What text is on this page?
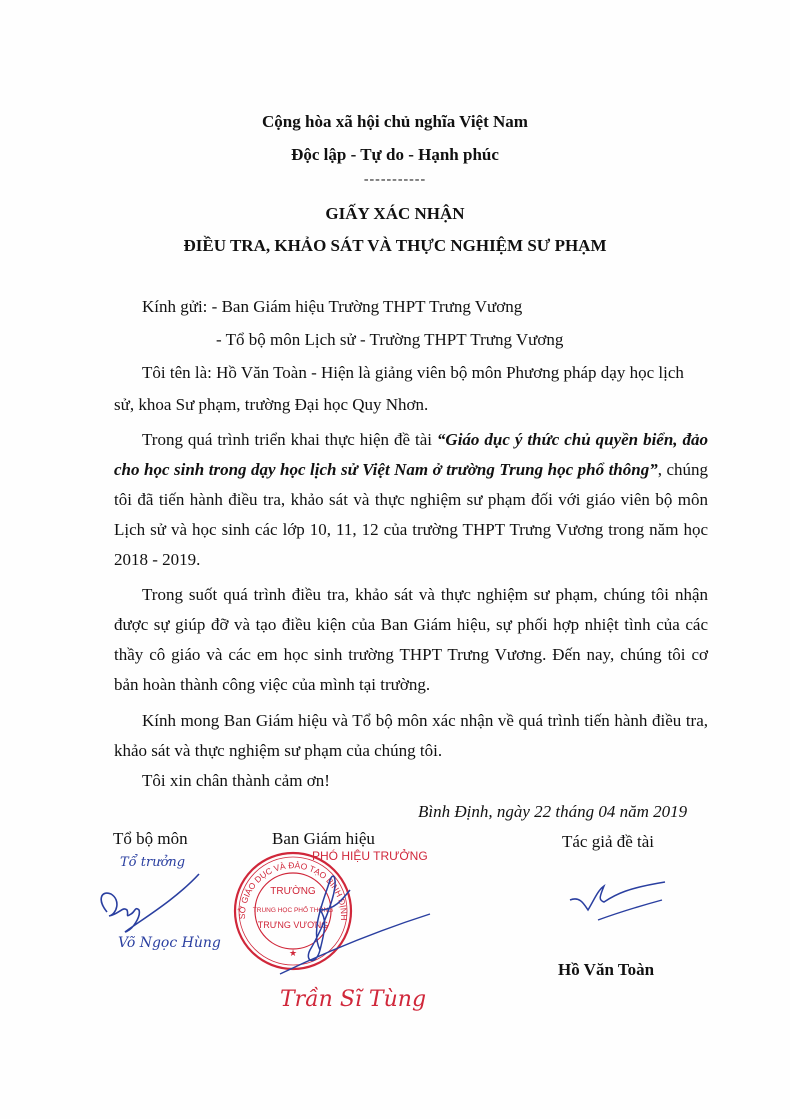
Cộng hòa xã hội chủ nghĩa Việt Nam
Độc lập - Tự do - Hạnh phúc
-----------
GIẤY XÁC NHẬN
ĐIỀU TRA, KHẢO SÁT VÀ THỰC NGHIỆM SƯ PHẠM
Kính gửi: - Ban Giám hiệu Trường THPT Trưng Vương
- Tổ bộ môn Lịch sử - Trường THPT Trưng Vương
Tôi tên là: Hồ Văn Toàn - Hiện là giảng viên bộ môn Phương pháp dạy học lịch
sử, khoa Sư phạm, trường Đại học Quy Nhơn.
Trong quá trình triển khai thực hiện đề tài “Giáo dục ý thức chủ quyền biển, đảo cho học sinh trong dạy học lịch sử Việt Nam ở trường Trung học phổ thông”, chúng tôi đã tiến hành điều tra, khảo sát và thực nghiệm sư phạm đối với giáo viên bộ môn Lịch sử và học sinh các lớp 10, 11, 12 của trường THPT Trưng Vương trong năm học 2018 - 2019.
Trong suốt quá trình điều tra, khảo sát và thực nghiệm sư phạm, chúng tôi nhận được sự giúp đỡ và tạo điều kiện của Ban Giám hiệu, sự phối hợp nhiệt tình của các thầy cô giáo và các em học sinh trường THPT Trưng Vương. Đến nay, chúng tôi cơ bản hoàn thành công việc của mình tại trường.
Kính mong Ban Giám hiệu và Tổ bộ môn xác nhận về quá trình tiến hành điều tra, khảo sát và thực nghiệm sư phạm của chúng tôi.
Tôi xin chân thành cảm ơn!
Bình Định, ngày 22 tháng 04 năm 2019
Tổ bộ môn	Ban Giám hiệu	Tác giả đề tài
Tổ trưởng
Võ Ngọc Hùng
TRƯỜNG
TRUNG HỌC PHỔ THÔNG
TRƯNG VƯƠNG
★
SỞ GIÁO DỤC VÀ ĐÀO TẠO BÌNH ĐỊNH
PHÓ HIỆU TRƯỞNG
Trần Sĩ Tùng
Hồ Văn Toàn
